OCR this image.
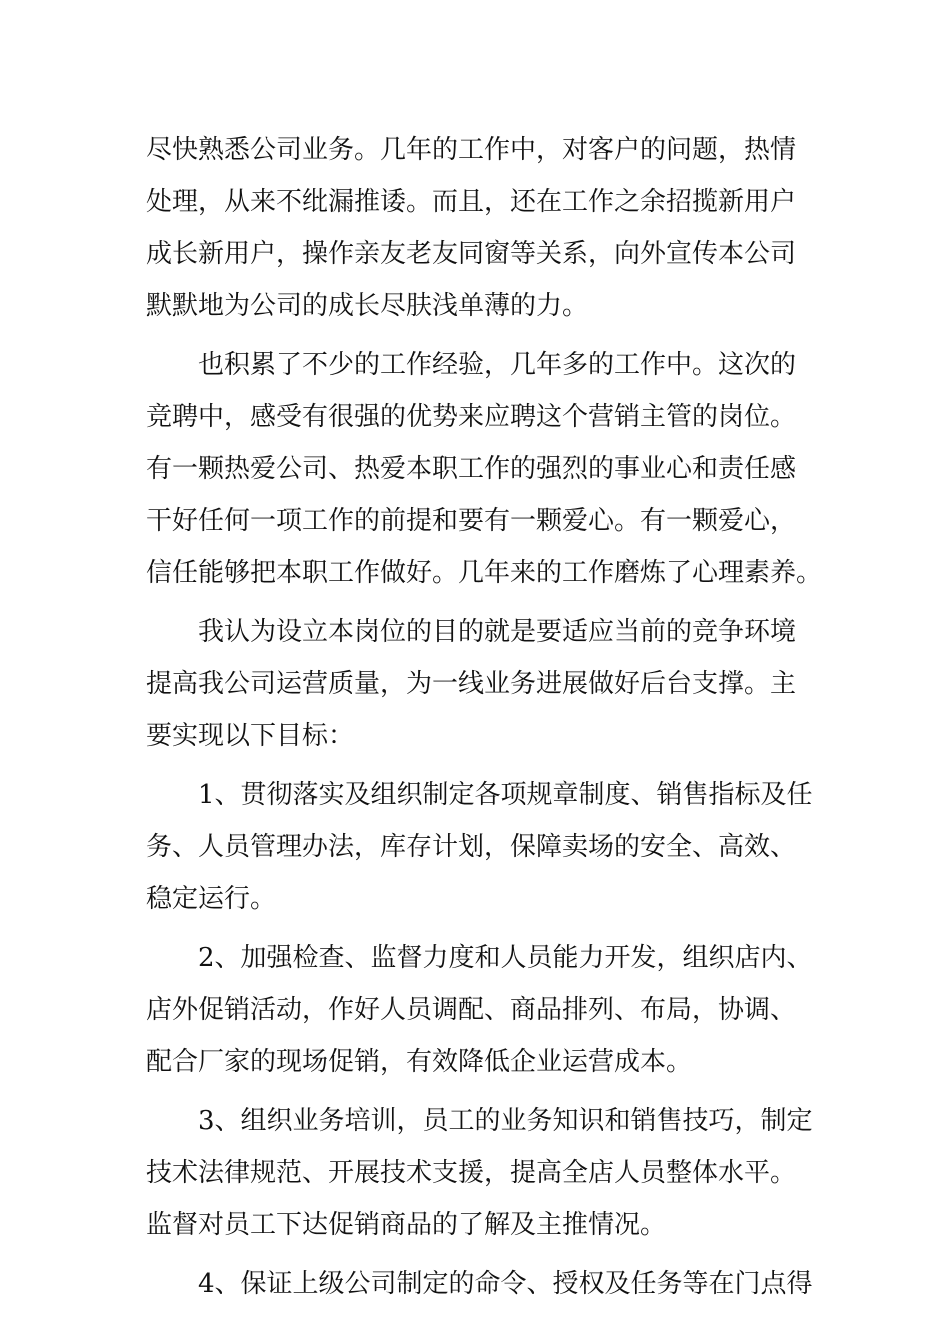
尽快熟悉公司业务。几年的工作中，对客户的问题，热情
处理，从来不纰漏推诿。而且，还在工作之余招揽新用户
成长新用户，操作亲友老友同窗等关系，向外宣传本公司
默默地为公司的成长尽肤浅单薄的力。
也积累了不少的工作经验，几年多的工作中。这次的
竞聘中，感受有很强的优势来应聘这个营销主管的岗位。
有一颗热爱公司、热爱本职工作的强烈的事业心和责任感
干好任何一项工作的前提和要有一颗爱心。有一颗爱心，
信任能够把本职工作做好。几年来的工作磨炼了心理素养。
我认为设立本岗位的目的就是要适应当前的竞争环境
提高我公司运营质量，为一线业务进展做好后台支撑。主
要实现以下目标：
1、贯彻落实及组织制定各项规章制度、销售指标及任
务、人员管理办法，库存计划，保障卖场的安全、高效、
稳定运行。
2、加强检查、监督力度和人员能力开发，组织店内、
店外促销活动，作好人员调配、商品排列、布局，协调、
配合厂家的现场促销，有效降低企业运营成本。
3、组织业务培训，员工的业务知识和销售技巧，制定
技术法律规范、开展技术支援，提高全店人员整体水平。
监督对员工下达促销商品的了解及主推情况。
4、保证上级公司制定的命令、授权及任务等在门点得
